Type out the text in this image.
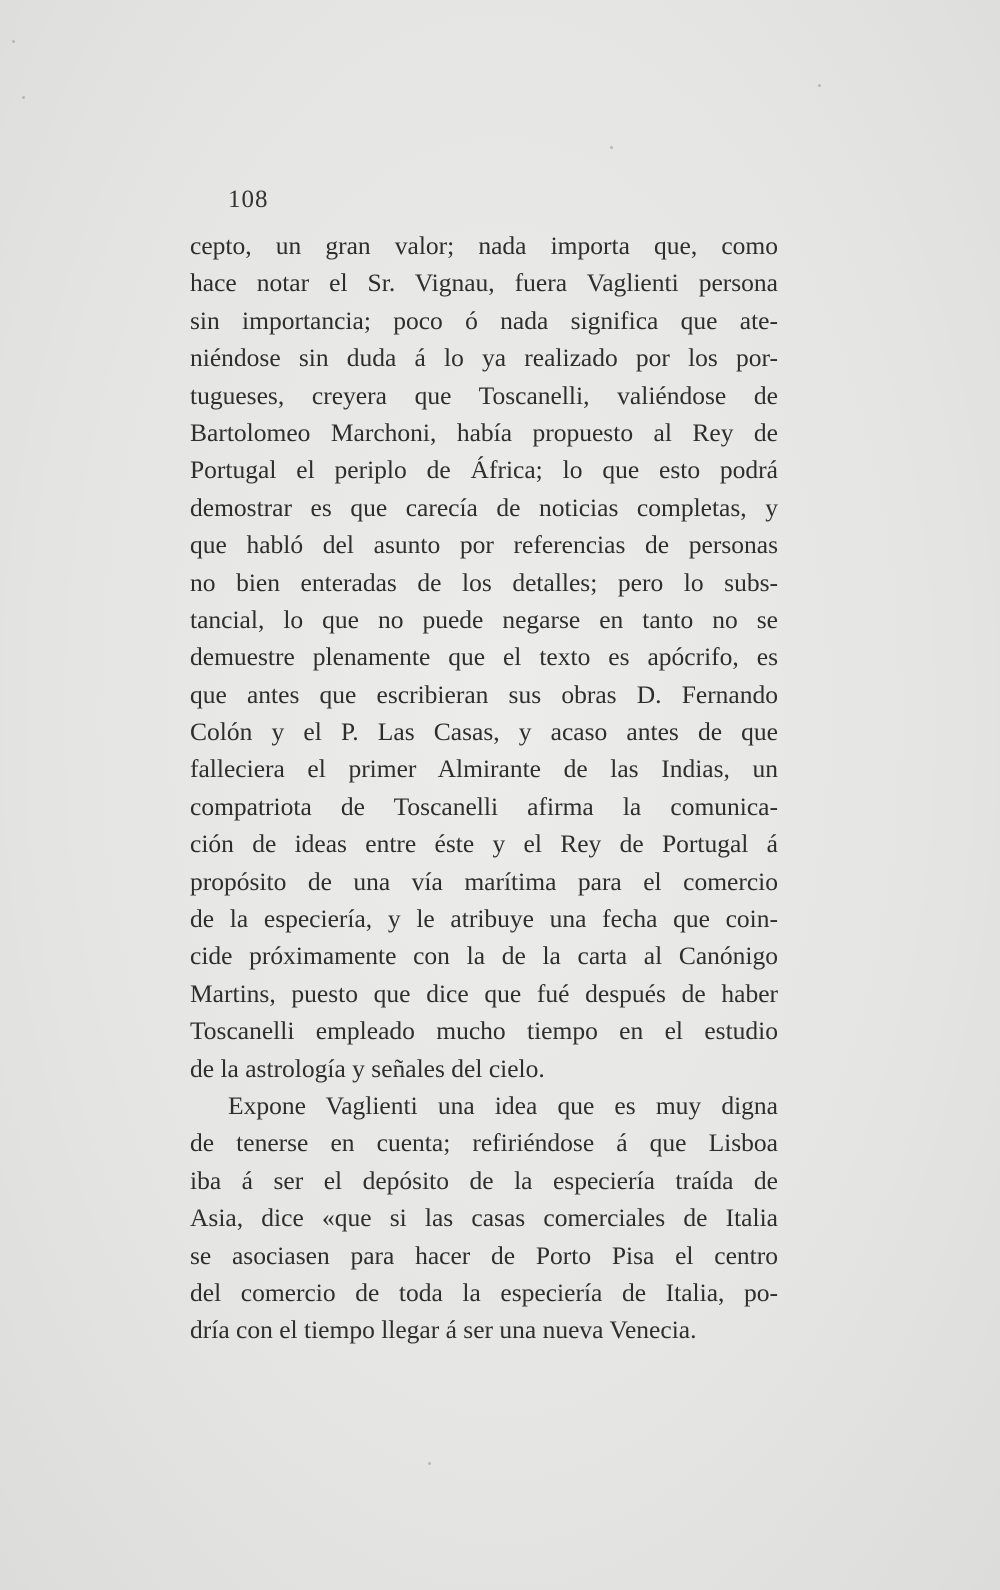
108
cepto, un gran valor; nada importa que, como
hace notar el Sr. Vignau, fuera Vaglienti persona
sin importancia; poco ó nada significa que ate-
niéndose sin duda á lo ya realizado por los por-
tugueses, creyera que Toscanelli, valiéndose de
Bartolomeo Marchoni, había propuesto al Rey de
Portugal el periplo de África; lo que esto podrá
demostrar es que carecía de noticias completas, y
que habló del asunto por referencias de personas
no bien enteradas de los detalles; pero lo subs-
tancial, lo que no puede negarse en tanto no se
demuestre plenamente que el texto es apócrifo, es
que antes que escribieran sus obras D. Fernando
Colón y el P. Las Casas, y acaso antes de que
falleciera el primer Almirante de las Indias, un
compatriota de Toscanelli afirma la comunica-
ción de ideas entre éste y el Rey de Portugal á
propósito de una vía marítima para el comercio
de la especiería, y le atribuye una fecha que coin-
cide próximamente con la de la carta al Canónigo
Martins, puesto que dice que fué después de haber
Toscanelli empleado mucho tiempo en el estudio
de la astrología y señales del cielo.
Expone Vaglienti una idea que es muy digna
de tenerse en cuenta; refiriéndose á que Lisboa
iba á ser el depósito de la especiería traída de
Asia, dice «que si las casas comerciales de Italia
se asociasen para hacer de Porto Pisa el centro
del comercio de toda la especiería de Italia, po-
dría con el tiempo llegar á ser una nueva Venecia.
